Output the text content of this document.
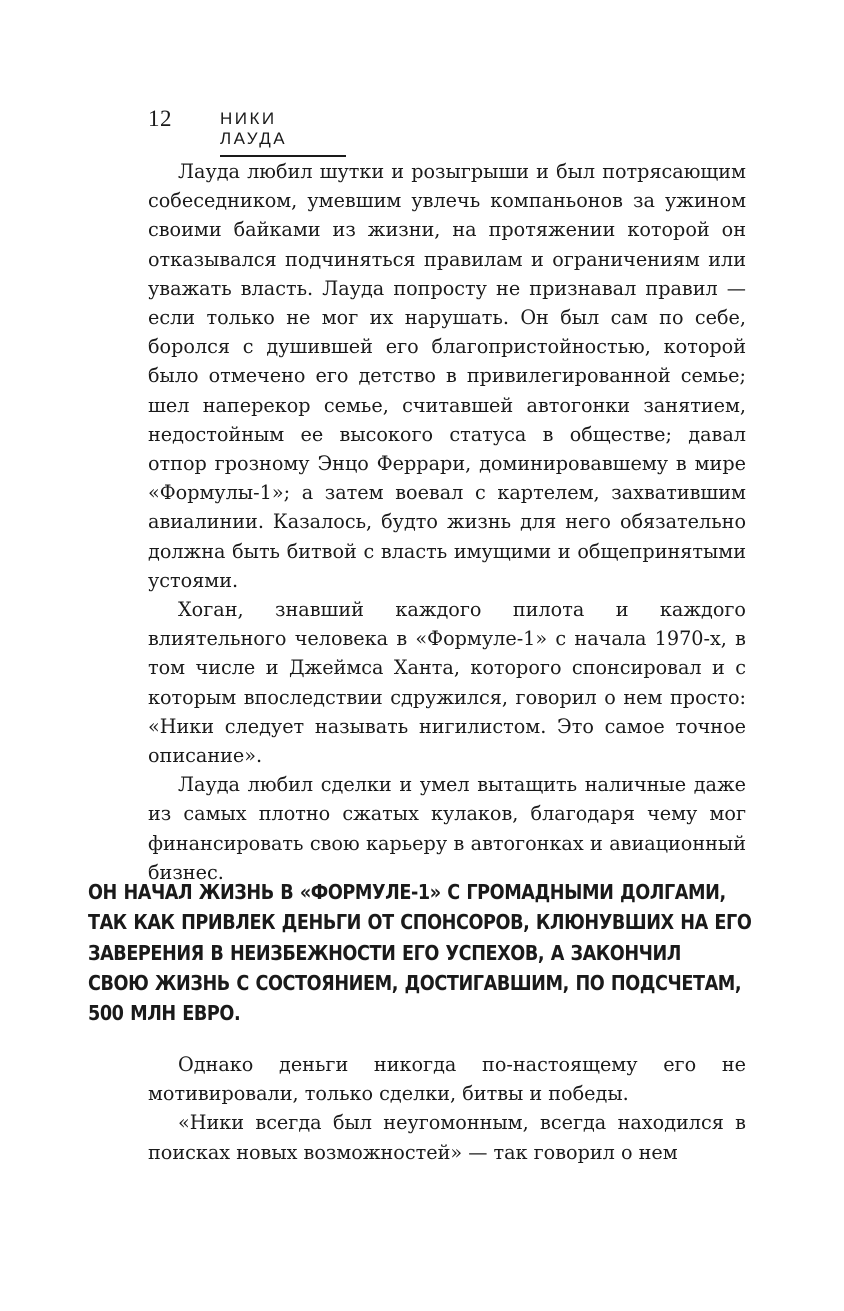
12	НИКИ ЛАУДА

Лауда любил шутки и розыгрыши и был потрясающим собеседником, умевшим увлечь компаньонов за ужином своими байками из жизни, на протяжении которой он отказывался подчиняться правилам и ограничениям или уважать власть. Лауда попросту не признавал правил — если только не мог их нарушать. Он был сам по себе, боролся с душившей его благопристойностью, которой было отмечено его детство в привилегированной семье; шел наперекор семье, считавшей автогонки занятием, недостойным ее высокого статуса в обществе; давал отпор грозному Энцо Феррари, доминировавшему в мире «Формулы-1»; а затем воевал с картелем, захватившим авиалинии. Казалось, будто жизнь для него обязательно должна быть битвой с власть имущими и общепринятыми устоями.

Хоган, знавший каждого пилота и каждого влиятельного человека в «Формуле-1» с начала 1970-х, в том числе и Джеймса Ханта, которого спонсировал и с которым впоследствии сдружился, говорил о нем просто: «Ники следует называть нигилистом. Это самое точное описание».

Лауда любил сделки и умел вытащить наличные даже из самых плотно сжатых кулаков, благодаря чему мог финансировать свою карьеру в автогонках и авиационный бизнес.

ОН НАЧАЛ ЖИЗНЬ В «ФОРМУЛЕ-1» С ГРОМАДНЫМИ ДОЛГАМИ,
ТАК КАК ПРИВЛЕК ДЕНЬГИ ОТ СПОНСОРОВ, КЛЮНУВШИХ НА ЕГО
ЗАВЕРЕНИЯ В НЕИЗБЕЖНОСТИ ЕГО УСПЕХОВ, А ЗАКОНЧИЛ
СВОЮ ЖИЗНЬ С СОСТОЯНИЕМ, ДОСТИГАВШИМ, ПО ПОДСЧЕТАМ,
500 МЛН ЕВРО.

Однако деньги никогда по-настоящему его не мотивировали, только сделки, битвы и победы.

«Ники всегда был неугомонным, всегда находился в поисках новых возможностей» — так говорил о нем
